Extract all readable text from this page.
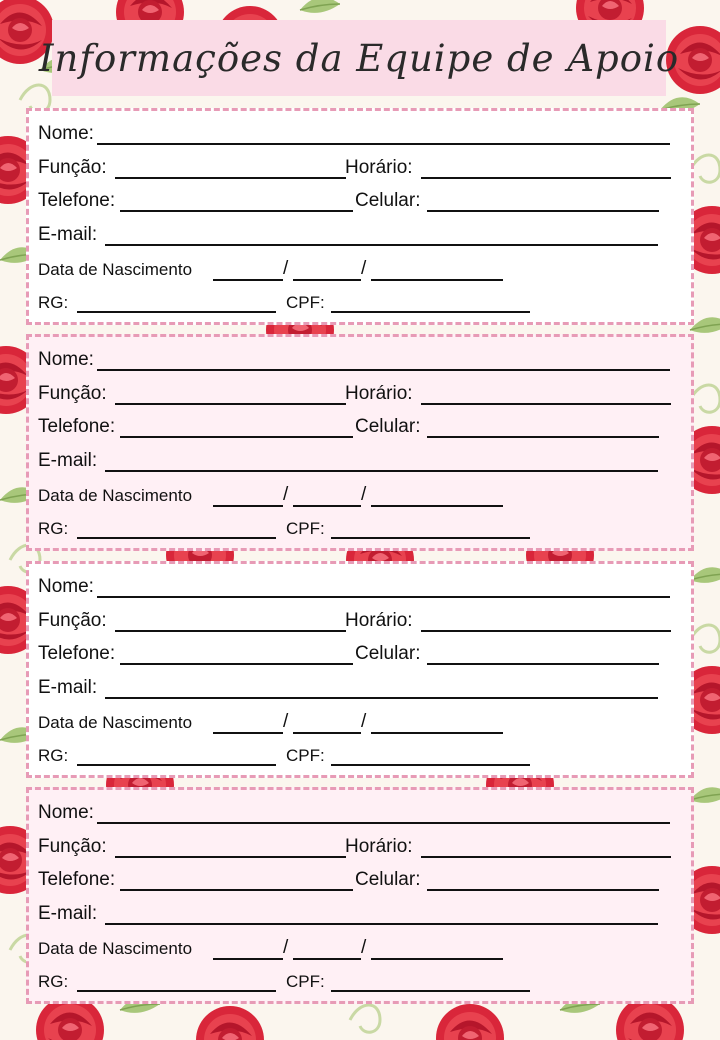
Informações da Equipe de Apoio
Nome:
Função:	Horário:
Telefone:	Celular:
E-mail:
Data de Nascimento	/	/
RG:	CPF:
Nome:
Função:	Horário:
Telefone:	Celular:
E-mail:
Data de Nascimento	/	/
RG:	CPF:
Nome:
Função:	Horário:
Telefone:	Celular:
E-mail:
Data de Nascimento	/	/
RG:	CPF:
Nome:
Função:	Horário:
Telefone:	Celular:
E-mail:
Data de Nascimento	/	/
RG:	CPF:
